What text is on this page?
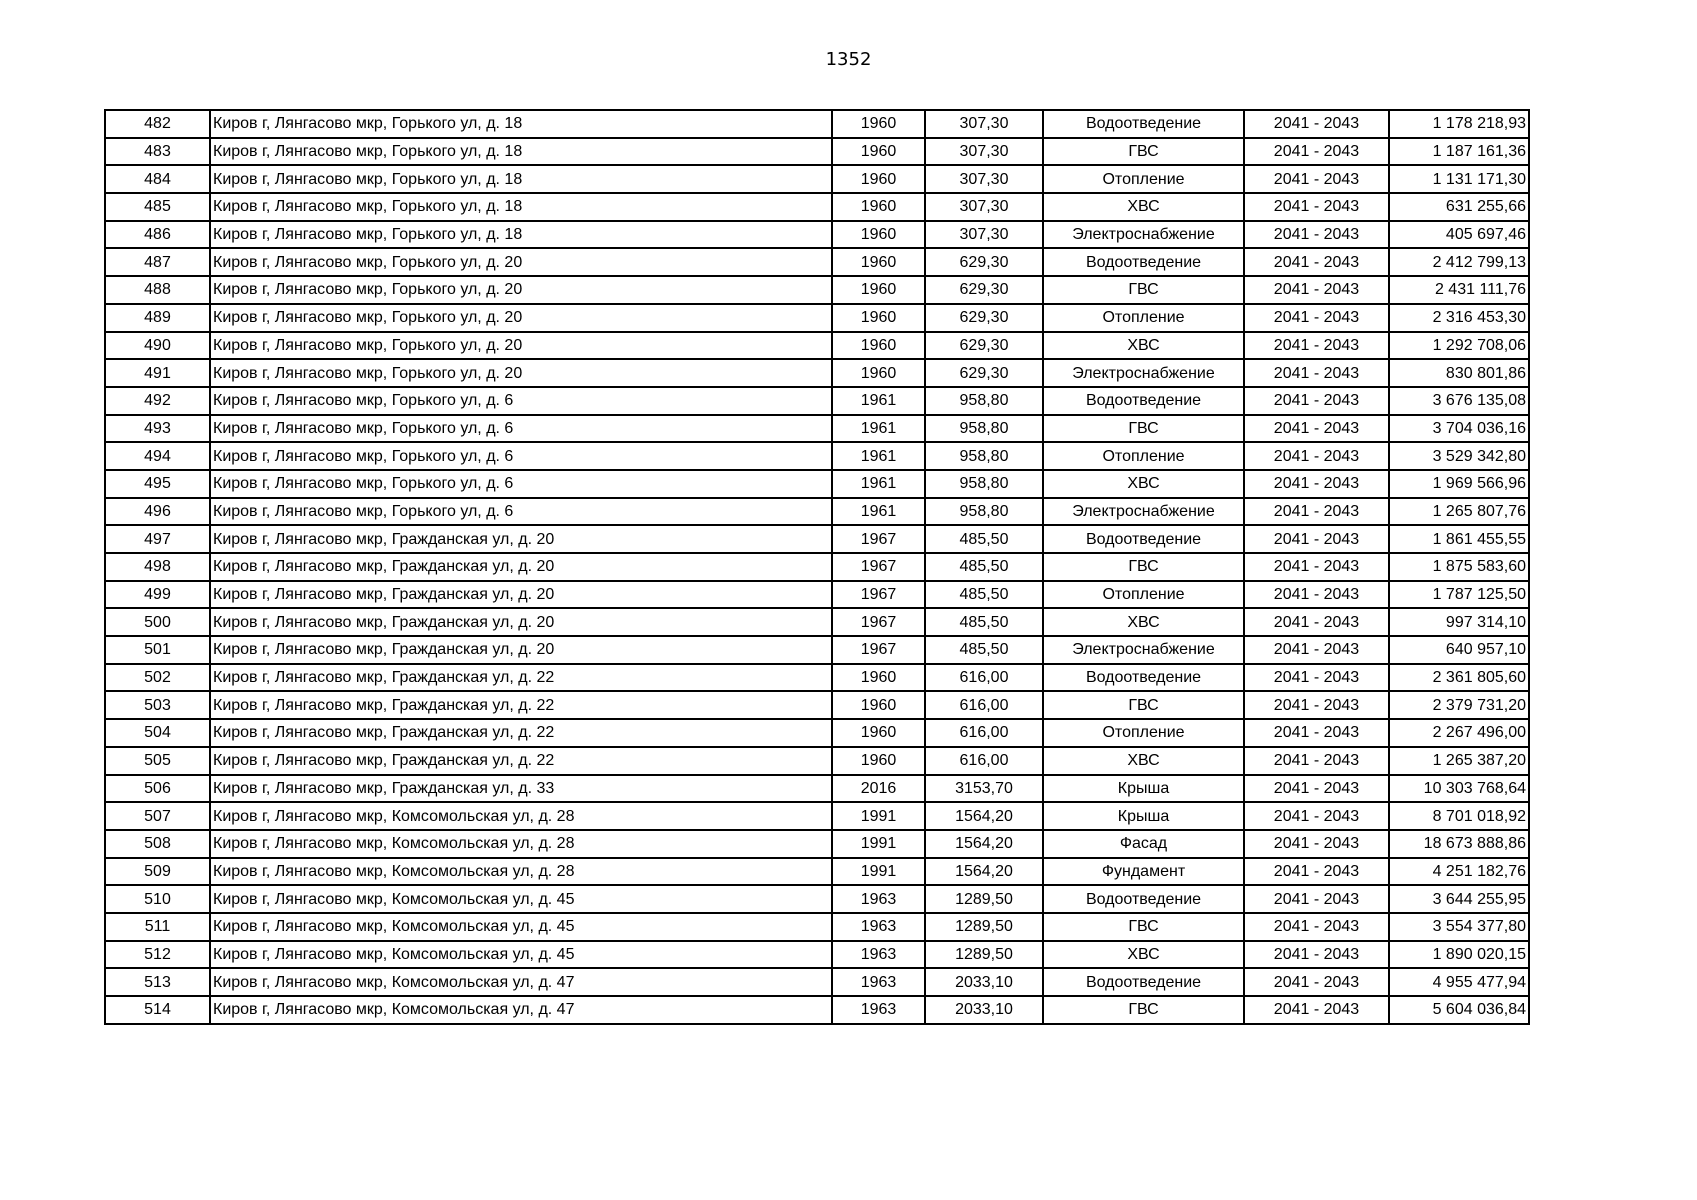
1352
482	Киров г, Лянгасово мкр, Горького ул, д. 18	1960	307,30	Водоотведение	2041 - 2043	1 178 218,93
483	Киров г, Лянгасово мкр, Горького ул, д. 18	1960	307,30	ГВС	2041 - 2043	1 187 161,36
484	Киров г, Лянгасово мкр, Горького ул, д. 18	1960	307,30	Отопление	2041 - 2043	1 131 171,30
485	Киров г, Лянгасово мкр, Горького ул, д. 18	1960	307,30	ХВС	2041 - 2043	631 255,66
486	Киров г, Лянгасово мкр, Горького ул, д. 18	1960	307,30	Электроснабжение	2041 - 2043	405 697,46
487	Киров г, Лянгасово мкр, Горького ул, д. 20	1960	629,30	Водоотведение	2041 - 2043	2 412 799,13
488	Киров г, Лянгасово мкр, Горького ул, д. 20	1960	629,30	ГВС	2041 - 2043	2 431 111,76
489	Киров г, Лянгасово мкр, Горького ул, д. 20	1960	629,30	Отопление	2041 - 2043	2 316 453,30
490	Киров г, Лянгасово мкр, Горького ул, д. 20	1960	629,30	ХВС	2041 - 2043	1 292 708,06
491	Киров г, Лянгасово мкр, Горького ул, д. 20	1960	629,30	Электроснабжение	2041 - 2043	830 801,86
492	Киров г, Лянгасово мкр, Горького ул, д. 6	1961	958,80	Водоотведение	2041 - 2043	3 676 135,08
493	Киров г, Лянгасово мкр, Горького ул, д. 6	1961	958,80	ГВС	2041 - 2043	3 704 036,16
494	Киров г, Лянгасово мкр, Горького ул, д. 6	1961	958,80	Отопление	2041 - 2043	3 529 342,80
495	Киров г, Лянгасово мкр, Горького ул, д. 6	1961	958,80	ХВС	2041 - 2043	1 969 566,96
496	Киров г, Лянгасово мкр, Горького ул, д. 6	1961	958,80	Электроснабжение	2041 - 2043	1 265 807,76
497	Киров г, Лянгасово мкр, Гражданская ул, д. 20	1967	485,50	Водоотведение	2041 - 2043	1 861 455,55
498	Киров г, Лянгасово мкр, Гражданская ул, д. 20	1967	485,50	ГВС	2041 - 2043	1 875 583,60
499	Киров г, Лянгасово мкр, Гражданская ул, д. 20	1967	485,50	Отопление	2041 - 2043	1 787 125,50
500	Киров г, Лянгасово мкр, Гражданская ул, д. 20	1967	485,50	ХВС	2041 - 2043	997 314,10
501	Киров г, Лянгасово мкр, Гражданская ул, д. 20	1967	485,50	Электроснабжение	2041 - 2043	640 957,10
502	Киров г, Лянгасово мкр, Гражданская ул, д. 22	1960	616,00	Водоотведение	2041 - 2043	2 361 805,60
503	Киров г, Лянгасово мкр, Гражданская ул, д. 22	1960	616,00	ГВС	2041 - 2043	2 379 731,20
504	Киров г, Лянгасово мкр, Гражданская ул, д. 22	1960	616,00	Отопление	2041 - 2043	2 267 496,00
505	Киров г, Лянгасово мкр, Гражданская ул, д. 22	1960	616,00	ХВС	2041 - 2043	1 265 387,20
506	Киров г, Лянгасово мкр, Гражданская ул, д. 33	2016	3153,70	Крыша	2041 - 2043	10 303 768,64
507	Киров г, Лянгасово мкр, Комсомольская ул, д. 28	1991	1564,20	Крыша	2041 - 2043	8 701 018,92
508	Киров г, Лянгасово мкр, Комсомольская ул, д. 28	1991	1564,20	Фасад	2041 - 2043	18 673 888,86
509	Киров г, Лянгасово мкр, Комсомольская ул, д. 28	1991	1564,20	Фундамент	2041 - 2043	4 251 182,76
510	Киров г, Лянгасово мкр, Комсомольская ул, д. 45	1963	1289,50	Водоотведение	2041 - 2043	3 644 255,95
511	Киров г, Лянгасово мкр, Комсомольская ул, д. 45	1963	1289,50	ГВС	2041 - 2043	3 554 377,80
512	Киров г, Лянгасово мкр, Комсомольская ул, д. 45	1963	1289,50	ХВС	2041 - 2043	1 890 020,15
513	Киров г, Лянгасово мкр, Комсомольская ул, д. 47	1963	2033,10	Водоотведение	2041 - 2043	4 955 477,94
514	Киров г, Лянгасово мкр, Комсомольская ул, д. 47	1963	2033,10	ГВС	2041 - 2043	5 604 036,84
